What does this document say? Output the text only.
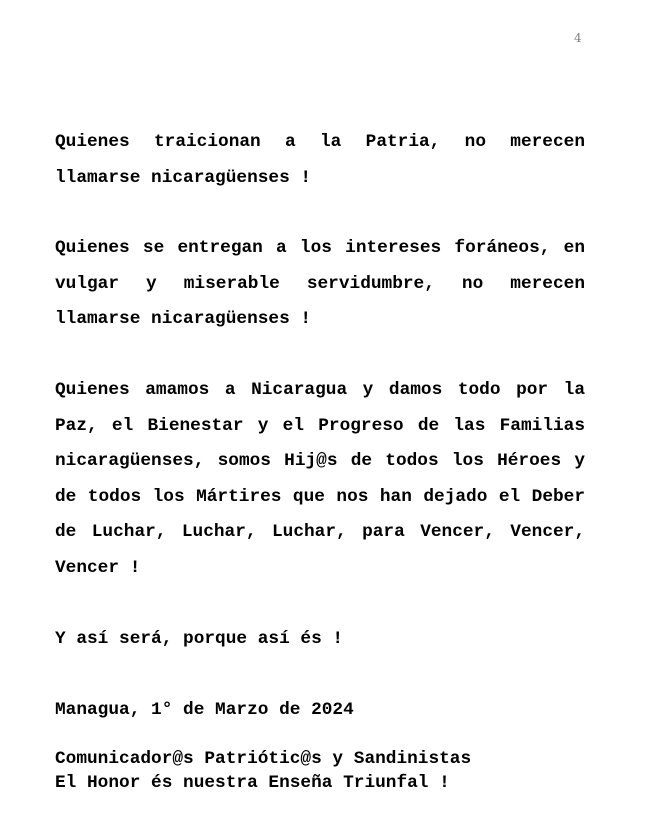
4

Quienes traicionan a la Patria, no merecen llamarse nicaragüenses !

Quienes se entregan a los intereses foráneos, en vulgar y miserable servidumbre, no merecen llamarse nicaragüenses !

Quienes amamos a Nicaragua y damos todo por la Paz, el Bienestar y el Progreso de las Familias nicaragüenses, somos Hij@s de todos los Héroes y de todos los Mártires que nos han dejado el Deber de Luchar, Luchar, Luchar, para Vencer, Vencer, Vencer !

Y así será, porque así és !

Managua, 1° de Marzo de 2024

Comunicador@s Patriótic@s y Sandinistas
El Honor és nuestra Enseña Triunfal !
